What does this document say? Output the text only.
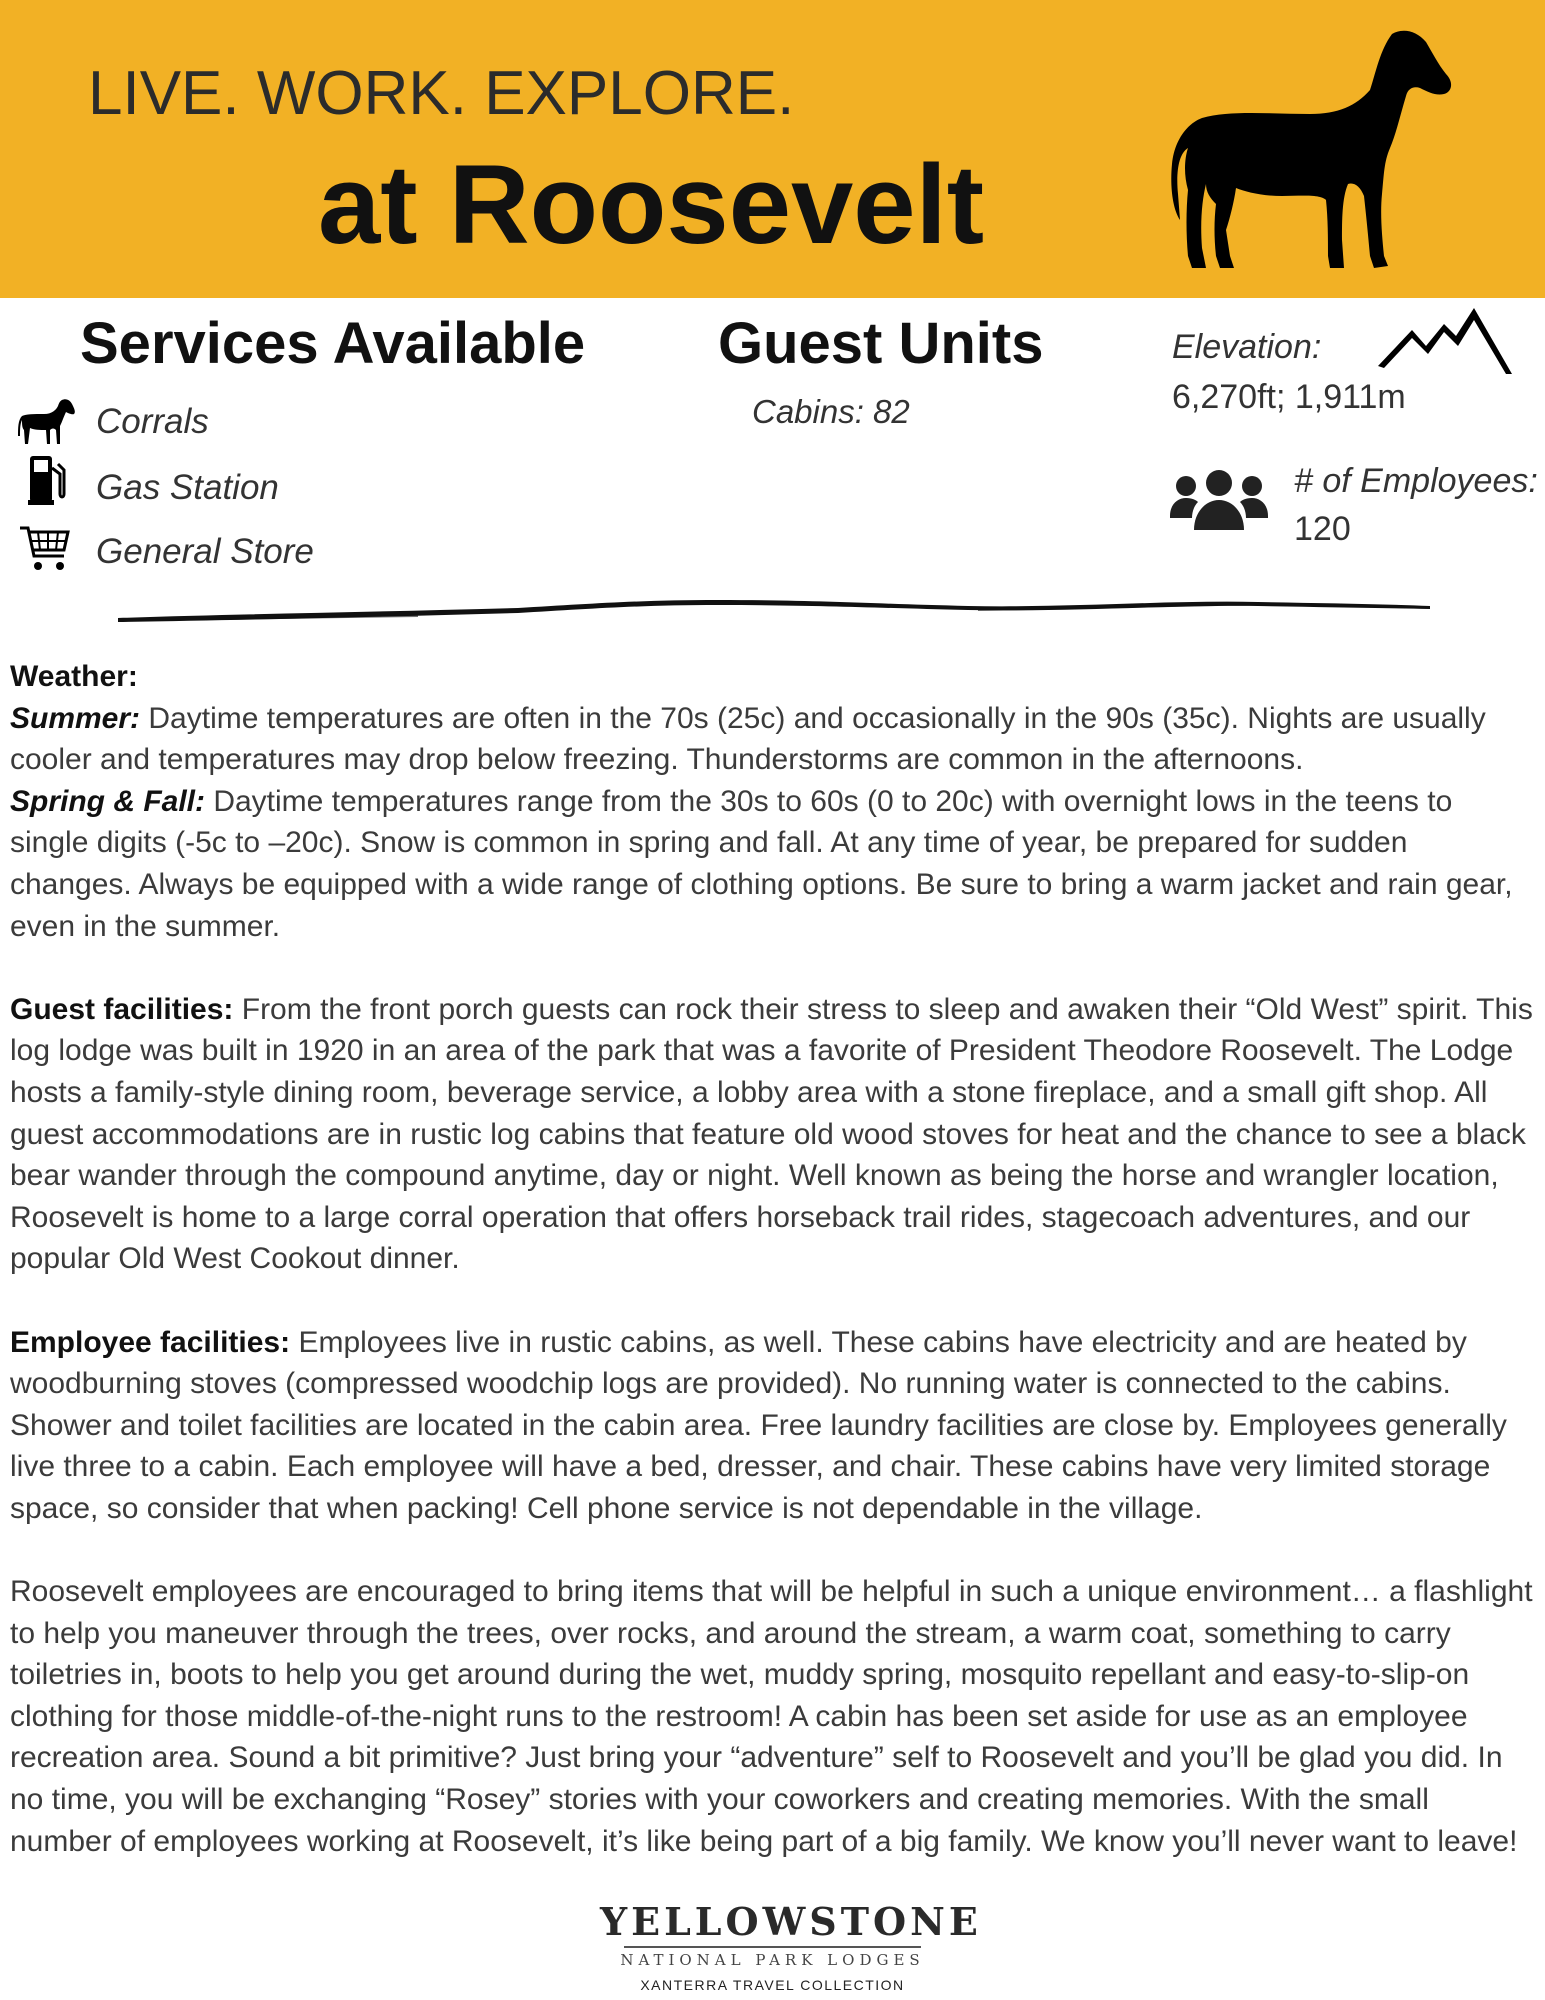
LIVE. WORK. EXPLORE.
at Roosevelt
Services Available
Corrals
Gas Station
General Store
Guest Units
Cabins: 82
Elevation:
6,270ft; 1,911m
# of Employees:
120

Weather:

Summer: Daytime temperatures are often in the 70s (25c) and occasionally in the 90s (35c). Nights are usually cooler and temperatures may drop below freezing. Thunderstorms are common in the afternoons.

Spring & Fall: Daytime temperatures range from the 30s to 60s (0 to 20c) with overnight lows in the teens to single digits (-5c to –20c). Snow is common in spring and fall. At any time of year, be prepared for sudden changes. Always be equipped with a wide range of clothing options. Be sure to bring a warm jacket and rain gear, even in the summer.

Guest facilities: From the front porch guests can rock their stress to sleep and awaken their “Old West” spirit. This log lodge was built in 1920 in an area of the park that was a favorite of President Theodore Roosevelt. The Lodge hosts a family-style dining room, beverage service, a lobby area with a stone fireplace, and a small gift shop. All guest accommodations are in rustic log cabins that feature old wood stoves for heat and the chance to see a black bear wander through the compound anytime, day or night. Well known as being the horse and wrangler location, Roosevelt is home to a large corral operation that offers horseback trail rides, stagecoach adventures, and our popular Old West Cookout dinner.

Employee facilities: Employees live in rustic cabins, as well. These cabins have electricity and are heated by woodburning stoves (compressed woodchip logs are provided). No running water is connected to the cabins. Shower and toilet facilities are located in the cabin area. Free laundry facilities are close by. Employees generally live three to a cabin. Each employee will have a bed, dresser, and chair. These cabins have very limited storage space, so consider that when packing! Cell phone service is not dependable in the village.

Roosevelt employees are encouraged to bring items that will be helpful in such a unique environment… a flashlight to help you maneuver through the trees, over rocks, and around the stream, a warm coat, something to carry toiletries in, boots to help you get around during the wet, muddy spring, mosquito repellant and easy-to-slip-on clothing for those middle-of-the-night runs to the restroom! A cabin has been set aside for use as an employee recreation area. Sound a bit primitive? Just bring your “adventure” self to Roosevelt and you’ll be glad you did. In no time, you will be exchanging “Rosey” stories with your coworkers and creating memories. With the small number of employees working at Roosevelt, it’s like being part of a big family. We know you’ll never want to leave!

YELLOWSTONE
NATIONAL PARK LODGES
XANTERRA TRAVEL COLLECTION
